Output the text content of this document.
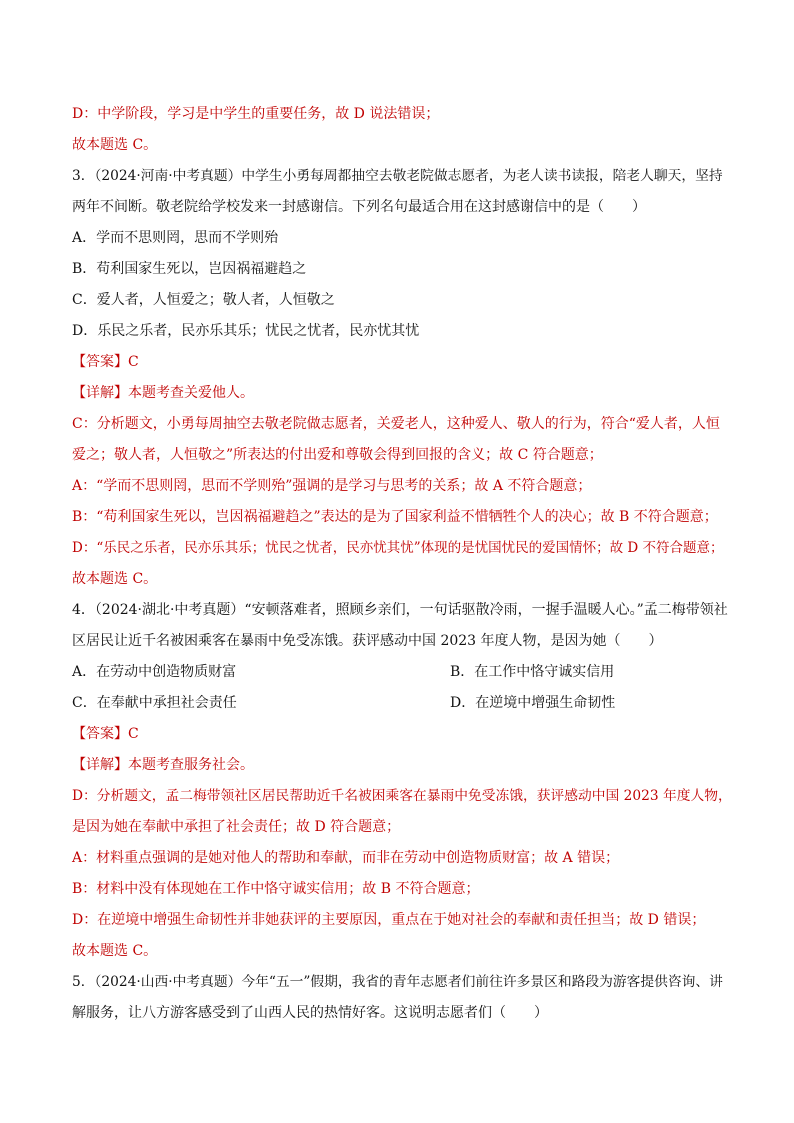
D：中学阶段，学习是中学生的重要任务，故 D 说法错误；
故本题选 C。
3．（2024·河南·中考真题）中学生小勇每周都抽空去敬老院做志愿者，为老人读书读报，陪老人聊天，坚持
两年不间断。敬老院给学校发来一封感谢信。下列名句最适合用在这封感谢信中的是（　　）
A．学而不思则罔，思而不学则殆
B．苟利国家生死以，岂因祸福避趋之
C．爱人者，人恒爱之；敬人者，人恒敬之
D．乐民之乐者，民亦乐其乐；忧民之忧者，民亦忧其忧
【答案】C
【详解】本题考查关爱他人。
C：分析题文，小勇每周抽空去敬老院做志愿者，关爱老人，这种爱人、敬人的行为，符合“爱人者，人恒
爱之；敬人者，人恒敬之”所表达的付出爱和尊敬会得到回报的含义；故 C 符合题意；
A：“学而不思则罔，思而不学则殆”强调的是学习与思考的关系；故 A 不符合题意；
B：“苟利国家生死以，岂因祸福避趋之”表达的是为了国家利益不惜牺牲个人的决心；故 B 不符合题意；
D：“乐民之乐者，民亦乐其乐；忧民之忧者，民亦忧其忧”体现的是忧国忧民的爱国情怀；故 D 不符合题意；
故本题选 C。
4．（2024·湖北·中考真题）“安顿落难者，照顾乡亲们，一句话驱散冷雨，一握手温暖人心。”孟二梅带领社
区居民让近千名被困乘客在暴雨中免受冻饿。获评感动中国 2023 年度人物，是因为她（　　）
A．在劳动中创造物质财富	B．在工作中恪守诚实信用
C．在奉献中承担社会责任	D．在逆境中增强生命韧性
【答案】C
【详解】本题考查服务社会。
D：分析题文，孟二梅带领社区居民帮助近千名被困乘客在暴雨中免受冻饿，获评感动中国 2023 年度人物，
是因为她在奉献中承担了社会责任；故 D 符合题意；
A：材料重点强调的是她对他人的帮助和奉献，而非在劳动中创造物质财富；故 A 错误；
B：材料中没有体现她在工作中恪守诚实信用；故 B 不符合题意；
D：在逆境中增强生命韧性并非她获评的主要原因，重点在于她对社会的奉献和责任担当；故 D 错误；
故本题选 C。
5．（2024·山西·中考真题）今年“五一”假期，我省的青年志愿者们前往许多景区和路段为游客提供咨询、讲
解服务，让八方游客感受到了山西人民的热情好客。这说明志愿者们（　　）
